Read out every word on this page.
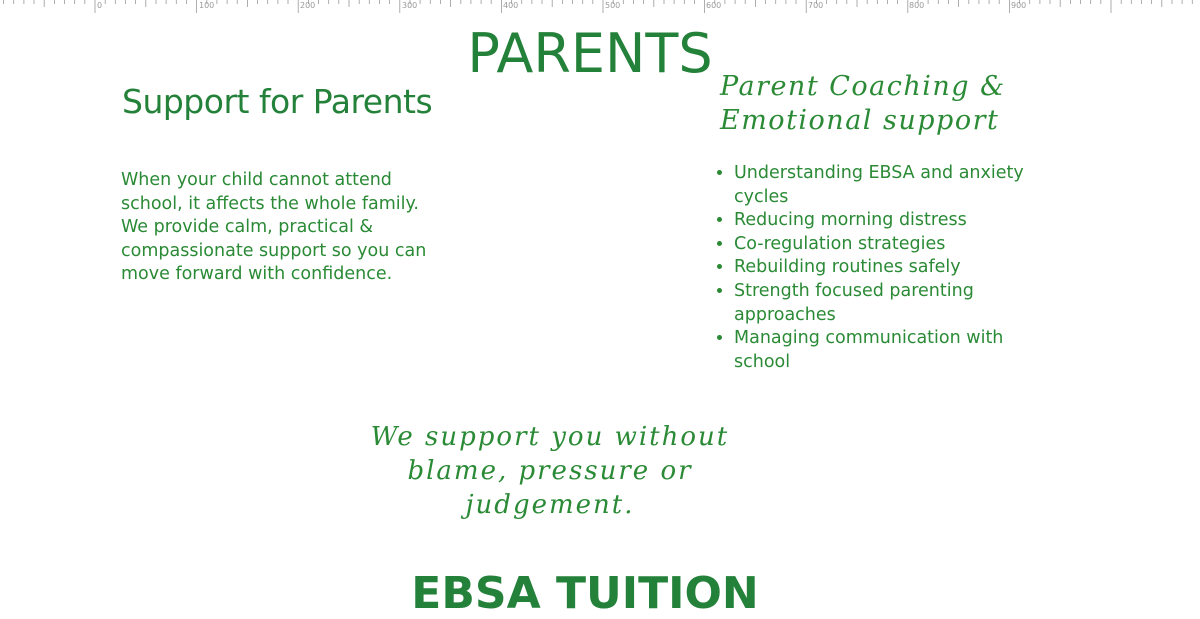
0	100	200	300	400	500	600	700	800	900
PARENTS
Support for Parents

When your child cannot attend school, it affects the whole family. We provide calm, practical & compassionate support so you can move forward with confidence.

Parent Coaching & Emotional support
• Understanding EBSA and anxiety cycles
• Reducing morning distress
• Co-regulation strategies
• Rebuilding routines safely
• Strength focused parenting approaches
• Managing communication with school

We support you without blame, pressure or judgement.

EBSA TUITION
